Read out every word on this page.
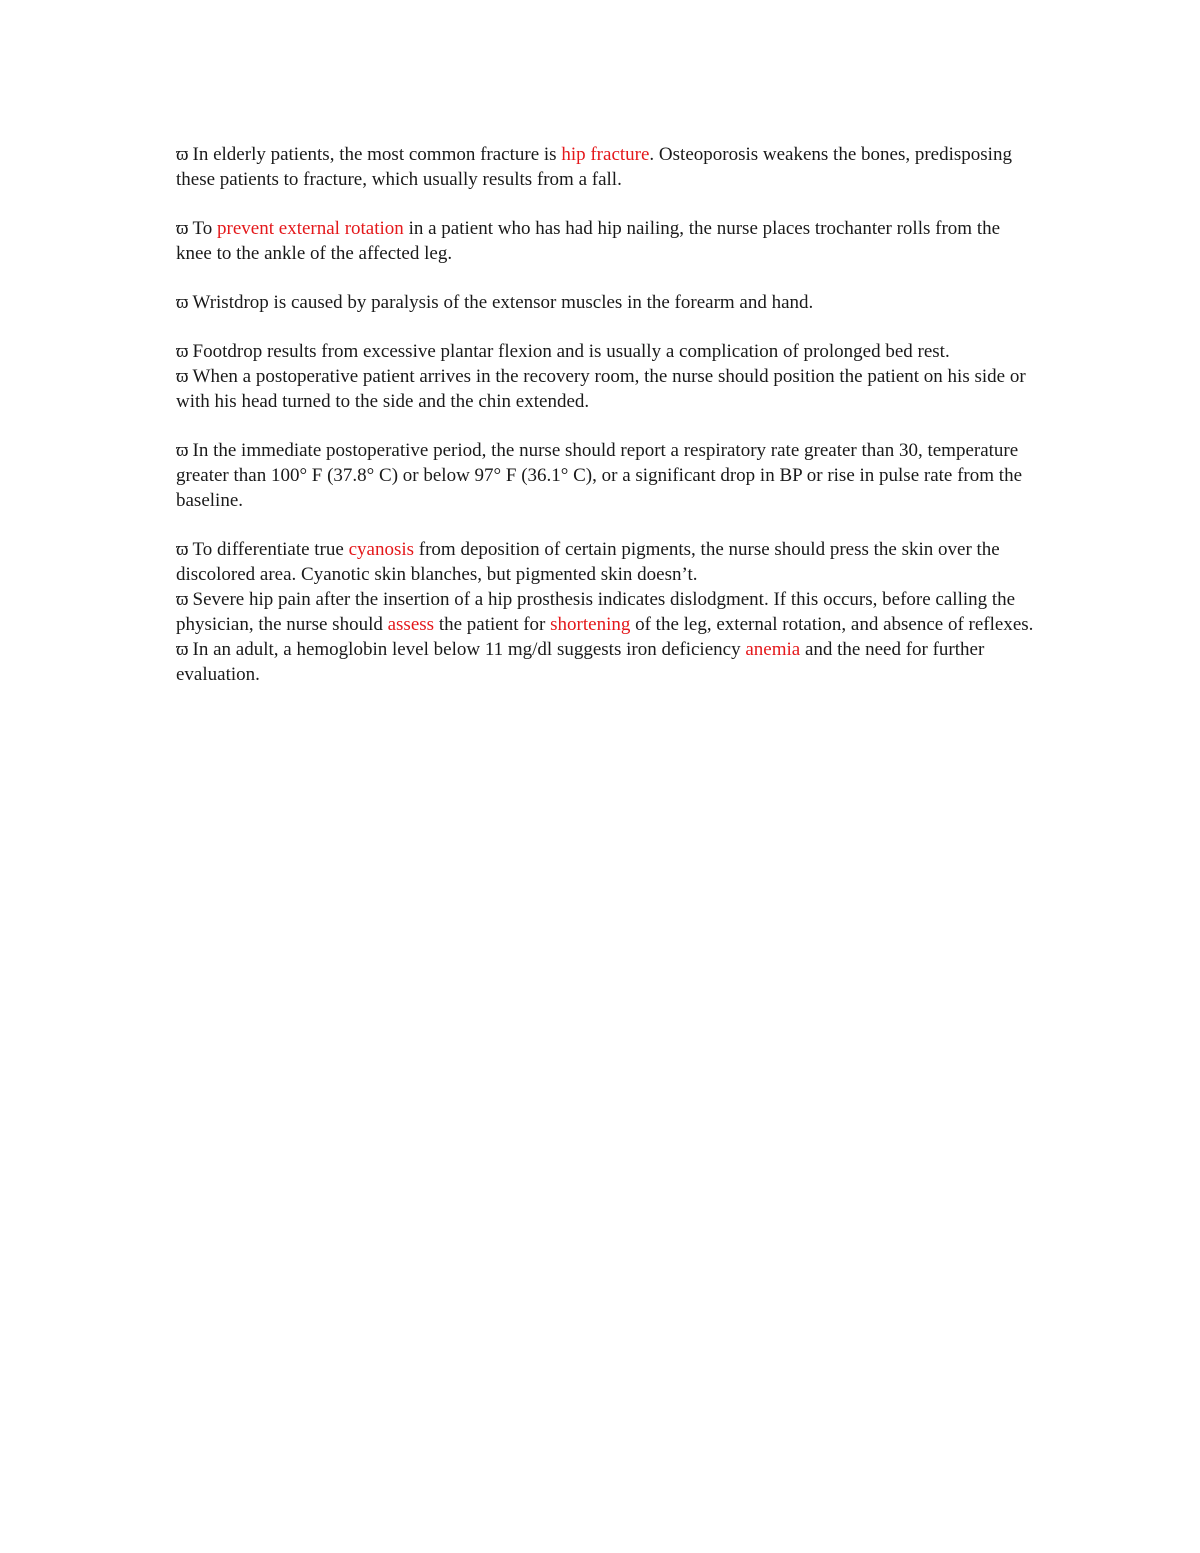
ϖ In elderly patients, the most common fracture is hip fracture. Osteoporosis weakens the bones, predisposing these patients to fracture, which usually results from a fall.

ϖ To prevent external rotation in a patient who has had hip nailing, the nurse places trochanter rolls from the knee to the ankle of the affected leg.

ϖ Wristdrop is caused by paralysis of the extensor muscles in the forearm and hand.

ϖ Footdrop results from excessive plantar flexion and is usually a complication of prolonged bed rest.

ϖ When a postoperative patient arrives in the recovery room, the nurse should position the patient on his side or with his head turned to the side and the chin extended.

ϖ In the immediate postoperative period, the nurse should report a respiratory rate greater than 30, temperature greater than 100° F (37.8° C) or below 97° F (36.1° C), or a significant drop in BP or rise in pulse rate from the baseline.

ϖ To differentiate true cyanosis from deposition of certain pigments, the nurse should press the skin over the discolored area. Cyanotic skin blanches, but pigmented skin doesn’t.

ϖ Severe hip pain after the insertion of a hip prosthesis indicates dislodgment. If this occurs, before calling the physician, the nurse should assess the patient for shortening of the leg, external rotation, and absence of reflexes.

ϖ In an adult, a hemoglobin level below 11 mg/dl suggests iron deficiency anemia and the need for further evaluation.
